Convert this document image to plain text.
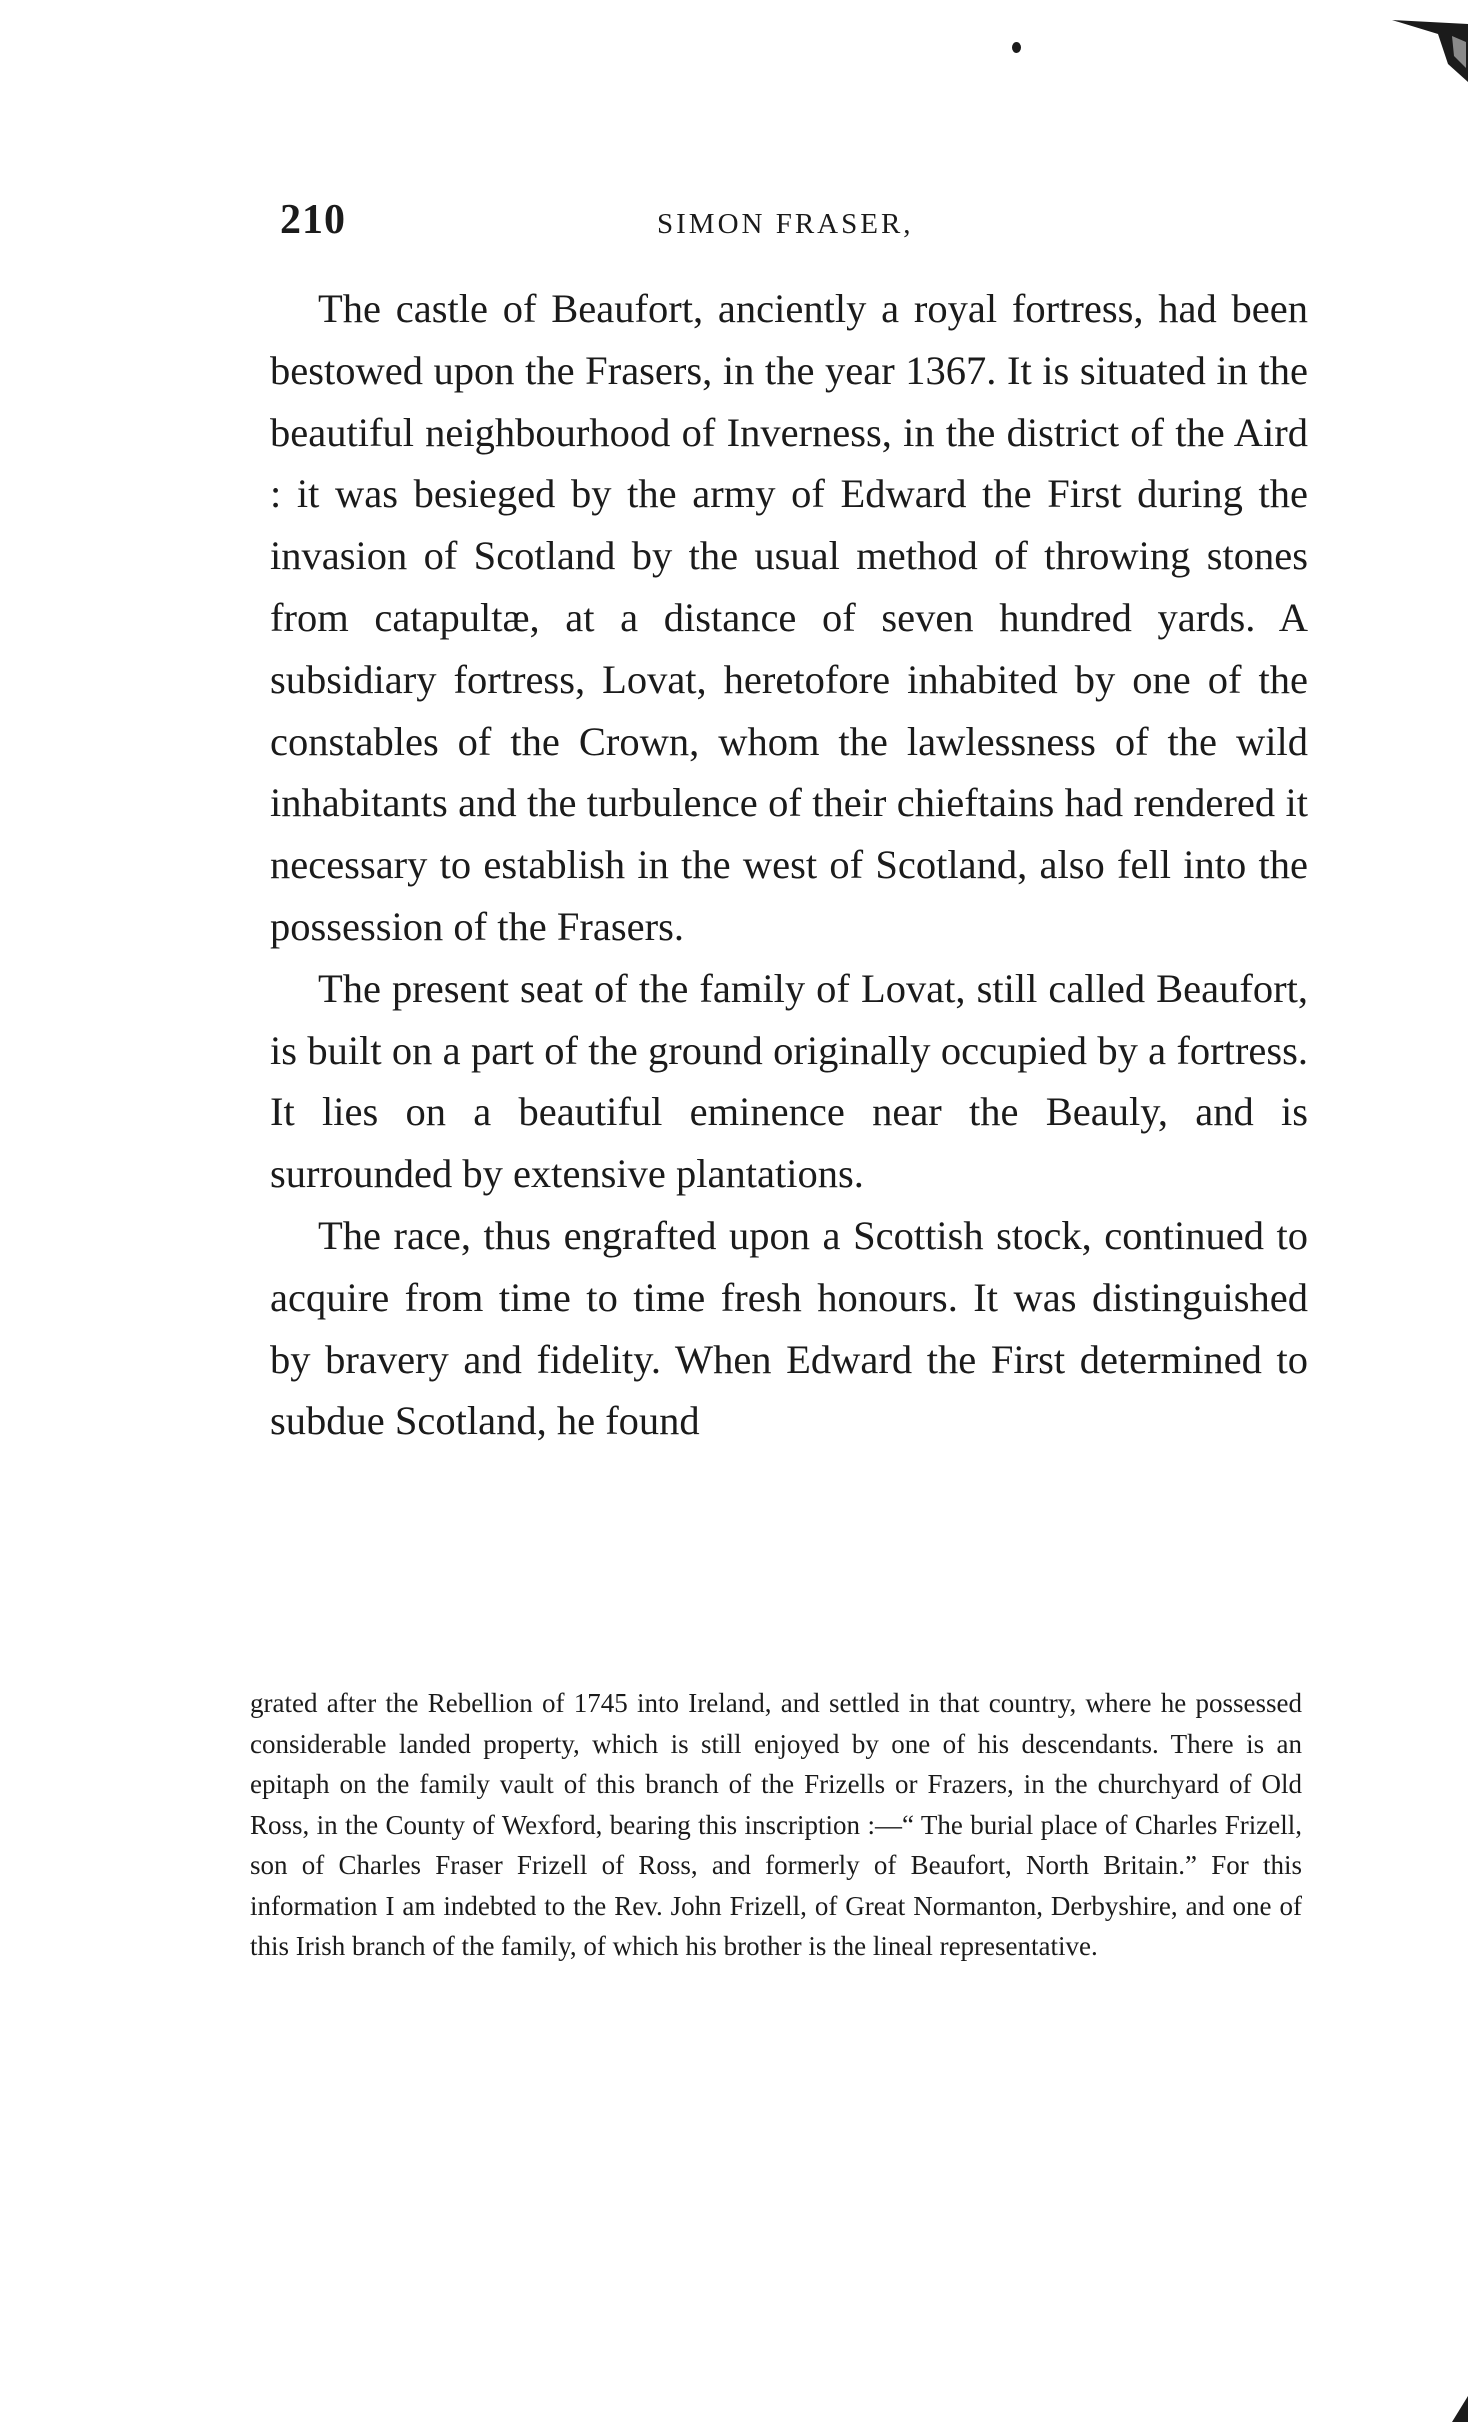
210	SIMON FRASER,

The castle of Beaufort, anciently a royal fortress, had been bestowed upon the Frasers, in the year 1367. It is situated in the beautiful neighbourhood of Inverness, in the district of the Aird : it was besieged by the army of Edward the First during the invasion of Scotland by the usual method of throwing stones from catapultæ, at a distance of seven hundred yards. A subsidiary fortress, Lovat, heretofore inhabited by one of the constables of the Crown, whom the lawlessness of the wild inhabitants and the turbulence of their chieftains had rendered it necessary to establish in the west of Scotland, also fell into the possession of the Frasers.

The present seat of the family of Lovat, still called Beaufort, is built on a part of the ground originally occupied by a fortress. It lies on a beautiful eminence near the Beauly, and is surrounded by extensive plantations.

The race, thus engrafted upon a Scottish stock, continued to acquire from time to time fresh honours. It was distinguished by bravery and fidelity. When Edward the First determined to subdue Scotland, he found

grated after the Rebellion of 1745 into Ireland, and settled in that country, where he possessed considerable landed property, which is still enjoyed by one of his descendants. There is an epitaph on the family vault of this branch of the Frizells or Frazers, in the churchyard of Old Ross, in the County of Wexford, bearing this inscription :—“ The burial place of Charles Frizell, son of Charles Fraser Frizell of Ross, and formerly of Beaufort, North Britain.” For this information I am indebted to the Rev. John Frizell, of Great Normanton, Derbyshire, and one of this Irish branch of the family, of which his brother is the lineal representative.
